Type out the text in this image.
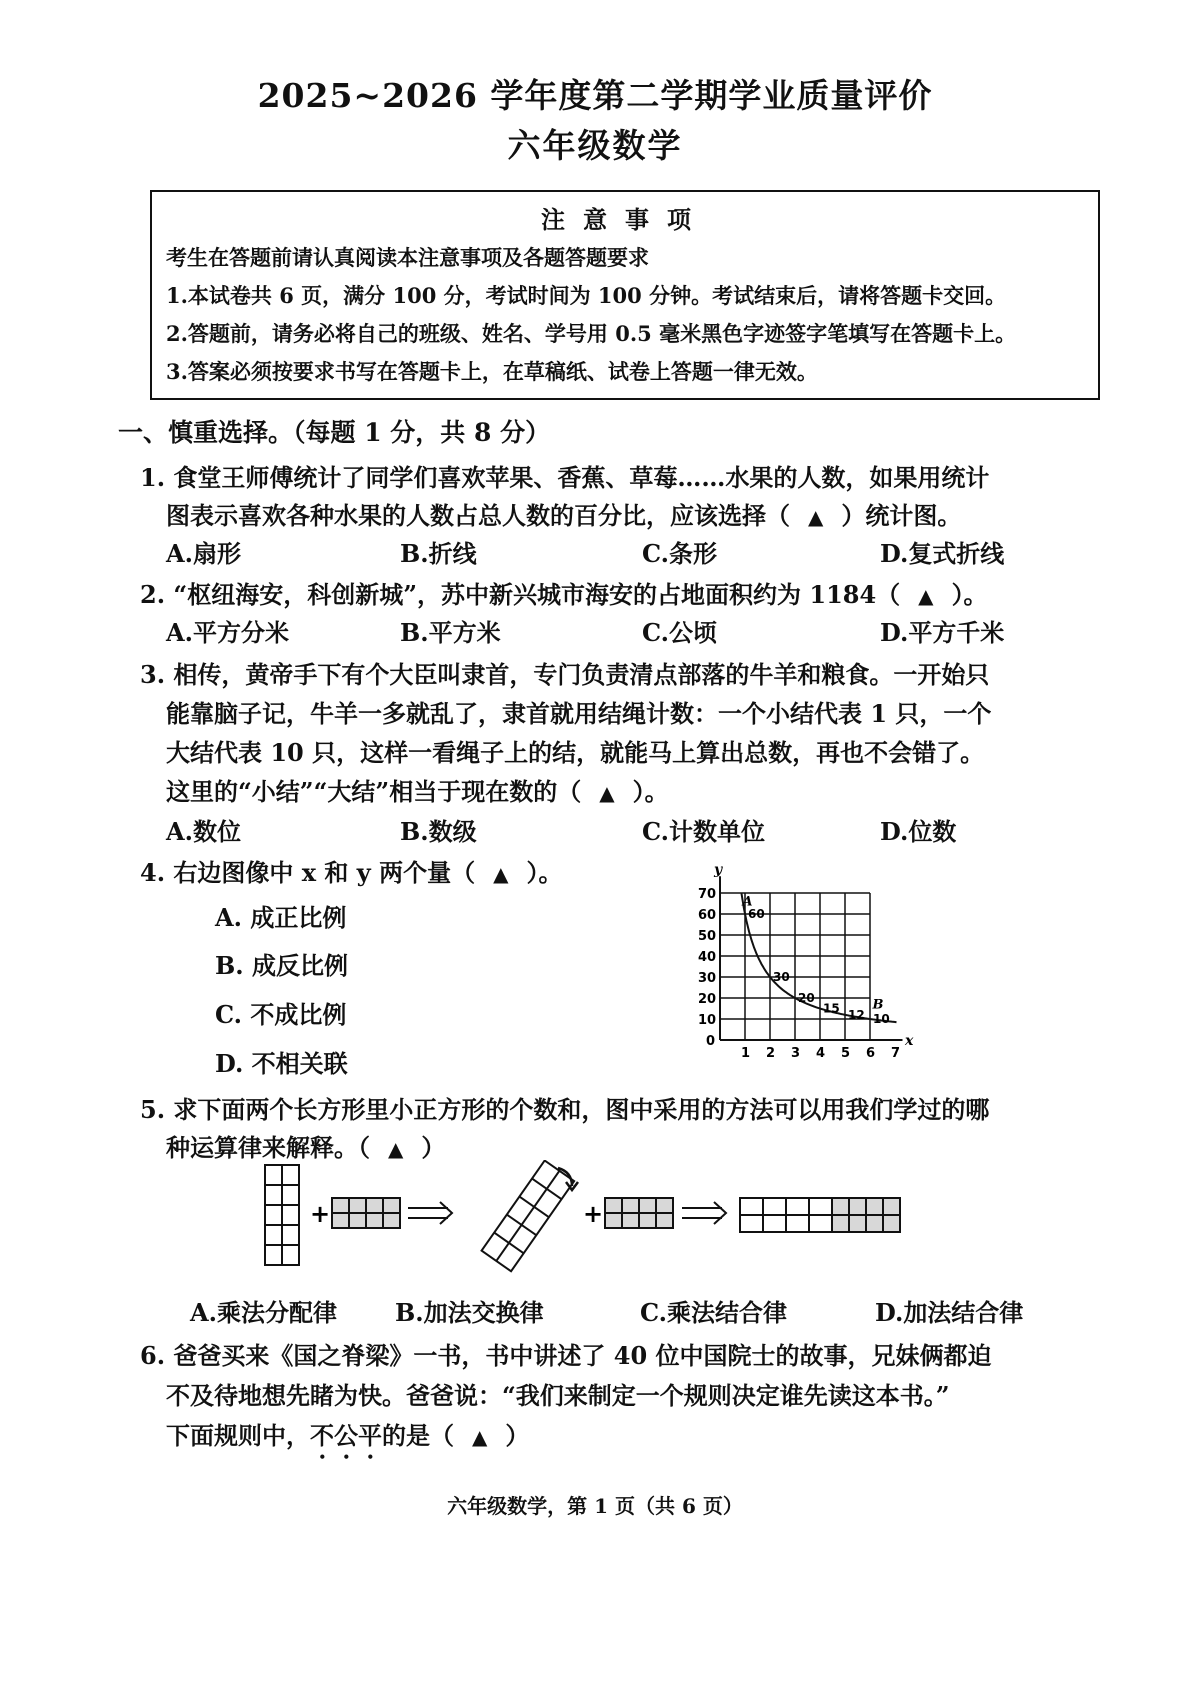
2025~2026 学年度第二学期学业质量评价
六年级数学
注意事项
考生在答题前请认真阅读本注意事项及各题答题要求
1.本试卷共 6 页，满分 100 分，考试时间为 100 分钟。考试结束后，请将答题卡交回。
2.答题前，请务必将自己的班级、姓名、学号用 0.5 毫米黑色字迹签字笔填写在答题卡上。
3.答案必须按要求书写在答题卡上，在草稿纸、试卷上答题一律无效。
一、慎重选择。（每题 1 分，共 8 分）
1. 食堂王师傅统计了同学们喜欢苹果、香蕉、草莓……水果的人数，如果用统计
图表示喜欢各种水果的人数占总人数的百分比，应该选择（ ▲ ）统计图。
A.扇形	B.折线	C.条形	D.复式折线
2. “枢纽海安，科创新城”，苏中新兴城市海安的占地面积约为 1184（ ▲ ）。
A.平方分米	B.平方米	C.公顷	D.平方千米
3. 相传，黄帝手下有个大臣叫隶首，专门负责清点部落的牛羊和粮食。一开始只
能靠脑子记，牛羊一多就乱了，隶首就用结绳计数：一个小结代表 1 只，一个
大结代表 10 只，这样一看绳子上的结，就能马上算出总数，再也不会错了。
这里的“小结”“大结”相当于现在数的（ ▲ ）。
A.数位	B.数级	C.计数单位	D.位数
4. 右边图像中 x 和 y 两个量（ ▲ ）。
A. 成正比例
B. 成反比例
C. 不成比例
D. 不相关联
x
y
1 2 3 4 5 6 7
0
10
20
30
40
50
60
70
60
30
20
15 12 10
A
B
5. 求下面两个长方形里小正方形的个数和，图中采用的方法可以用我们学过的哪
种运算律来解释。（ ▲ ）
+	+
A.乘法分配律 B.加法交换律	C.乘法结合律	D.加法结合律
6. 爸爸买来《国之脊梁》一书，书中讲述了 40 位中国院士的故事，兄妹俩都迫
不及待地想先睹为快。爸爸说：“我们来制定一个规则决定谁先读这本书。”
下面规则中，不公平的是（ ▲ ）
六年级数学，第 1 页（共 6 页）
